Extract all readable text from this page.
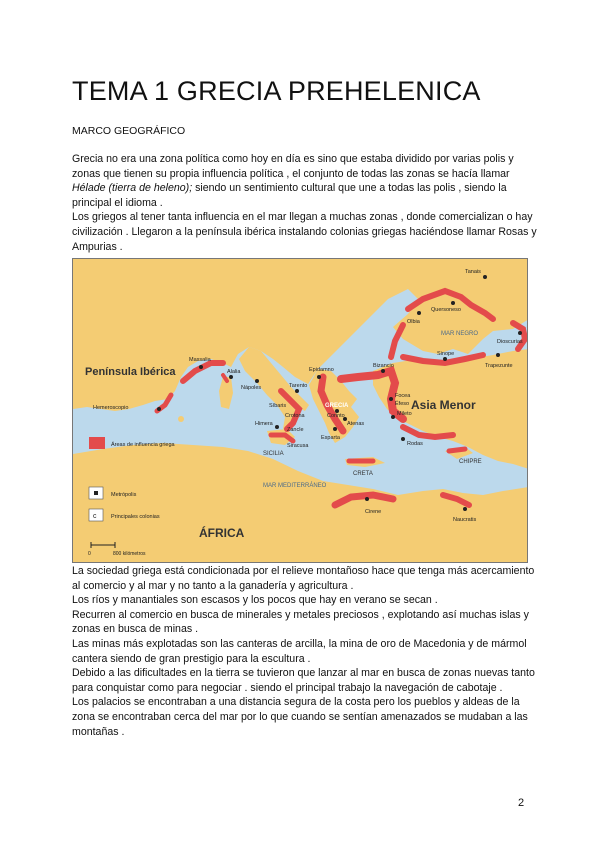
TEMA 1 GRECIA PREHELENICA
MARCO GEOGRÁFICO

Grecia no era una zona política como hoy en día es sino que estaba dividido por varias polis y zonas que tienen su propia influencia política , el conjunto de todas las zonas se hacía llamar Hélade (tierra de heleno); siendo un sentimiento cultural que une a todas las polis , siendo la principal el idioma .

Los griegos al tener tanta influencia en el mar llegan a muchas zonas , donde comercializan o hay civilización . Llegaron a la península ibérica instalando colonias griegas haciéndose llamar Rosas y Ampurias .

Península Ibérica
Asia Menor
ÁFRICA
MAR NEGRO
MAR MEDITERRÁNEO
GRECIA
SICILIA
CRETA
CHIPRE
Tanais
Quersoneso
Olbia
Dioscurias
Sinope
Trapezunte
Bizancio
Massalia
Alalia
Hemeroscopio
Nápoles	Tarento
Epidamno
Síbaris
Crotona
Zancle
Siracusa
Himera
Focea
Mileto
Éfeso
Rodas
Corinto
Atenas
Esparta
Cirene
Naucratis
Áreas de influencia griega
Metrópolis
c	Principales colonias
0	800 kilómetros

La sociedad griega está condicionada por el relieve montañoso hace que tenga más acercamiento al comercio y al mar y no tanto a la ganadería y agricultura .

Los ríos y manantiales son escasos y los pocos que hay en verano se secan .

Recurren al comercio en busca de minerales y metales preciosos , explotando así muchas islas y zonas en busca de minas .

Las minas más explotadas son las canteras de arcilla, la mina de oro de Macedonia y de mármol cantera siendo de gran prestigio para la escultura .

Debido a las dificultades en la tierra se tuvieron que lanzar al mar en busca de zonas nuevas tanto para conquistar como para negociar . siendo el principal trabajo la navegación de cabotaje .

Los palacios se encontraban a una distancia segura de la costa pero los pueblos y aldeas de la zona se encontraban cerca del mar por lo que cuando se sentían amenazados se mudaban a las montañas .

2
